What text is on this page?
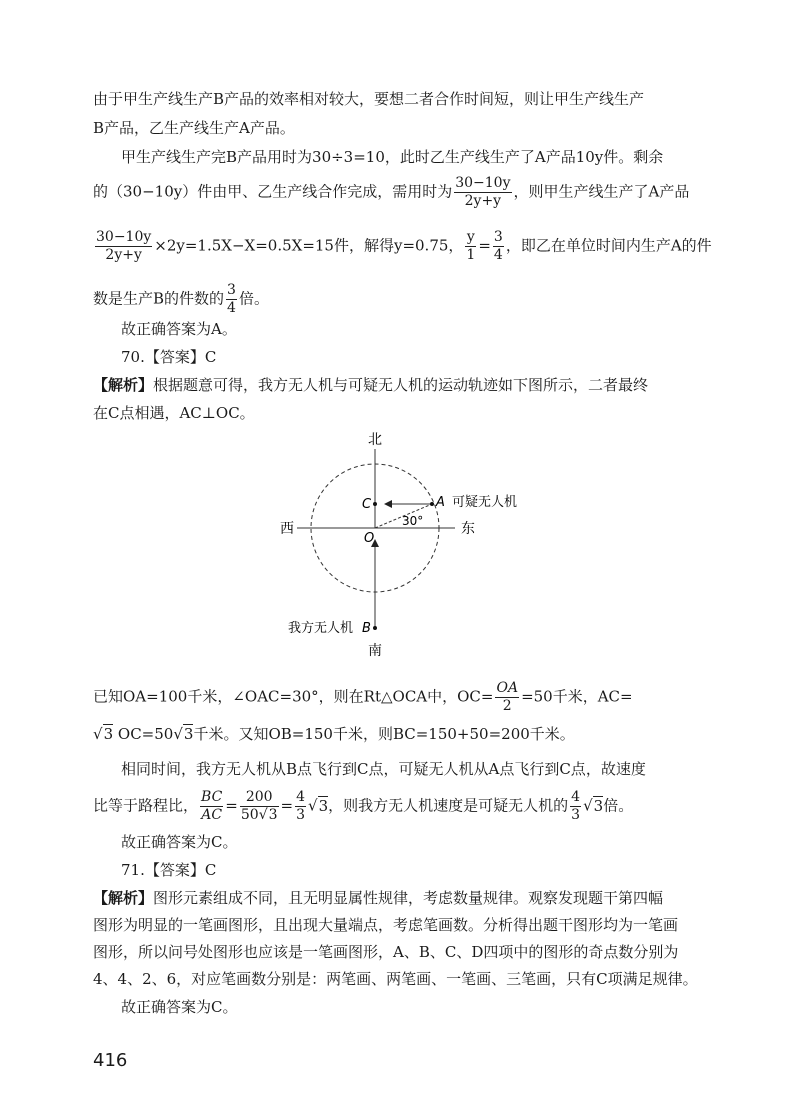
由于甲生产线生产B产品的效率相对较大，要想二者合作时间短，则让甲生产线生产
B产品，乙生产线生产A产品。
甲生产线生产完B产品用时为30÷3=10，此时乙生产线生产了A产品10y件。剩余
的（30−10y）件由甲、乙生产线合作完成，需用时为 $\frac{30-10y}{2y+y}$ ，则甲生产线生产了A产品
$\frac{30-10y}{2y+y} \times 2y=1.5X-X=0.5X=15$件，解得y=0.75， $\frac{y}{1} = \frac{3}{4}$ ，即乙在单位时间内生产A的件
数是生产B的件数的 $\frac{3}{4}$ 倍。
故正确答案为A。
70.【答案】C
【解析】根据题意可得，我方无人机与可疑无人机的运动轨迹如下图所示，二者最终
在C点相遇，AC⊥OC。
北
南
西	东
C	A 可疑无人机
O
30°
我方无人机 B
已知OA=100千米，∠OAC=30°，则在Rt△OCA中，$OC= \frac{OA}{2} =50$千米，AC=
√3 OC=50√3千米。又知OB=150千米，则BC=150+50=200千米。
相同时间，我方无人机从B点飞行到C点，可疑无人机从A点飞行到C点，故速度
比等于路程比， $\frac{BC}{AC} = \frac{200}{50√3} = \frac{4}{3} √3$，则我方无人机速度是可疑无人机的 $\frac{4}{3} √3$倍。
故正确答案为C。
71.【答案】C
【解析】图形元素组成不同，且无明显属性规律，考虑数量规律。观察发现题干第四幅
图形为明显的一笔画图形，且出现大量端点，考虑笔画数。分析得出题干图形均为一笔画
图形，所以问号处图形也应该是一笔画图形，A、B、C、D四项中的图形的奇点数分别为
4、4、2、6，对应笔画数分别是：两笔画、两笔画、一笔画、三笔画，只有C项满足规律。
故正确答案为C。
416
